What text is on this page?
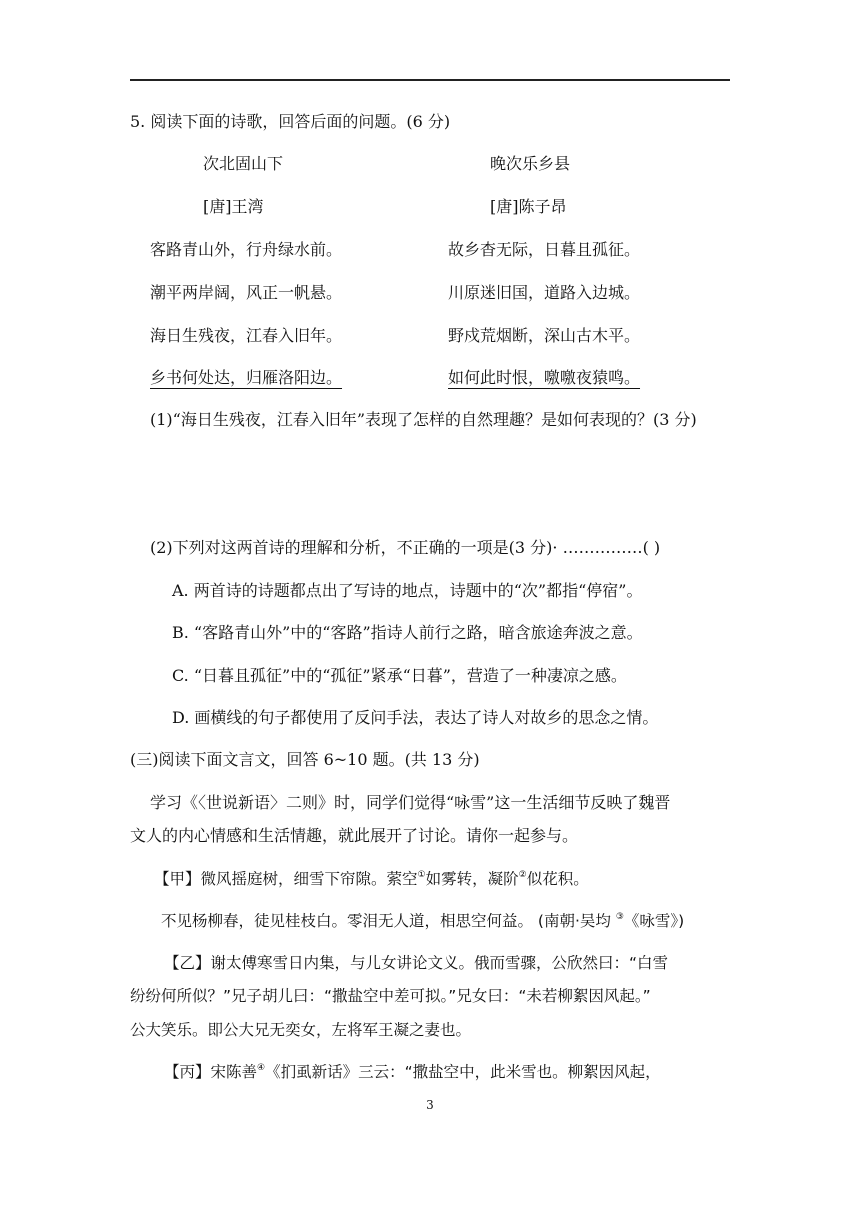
5. 阅读下面的诗歌，回答后面的问题。(6 分)
次北固山下	晚次乐乡县
[唐]王湾	[唐]陈子昂
客路青山外，行舟绿水前。	故乡杳无际，日暮且孤征。
潮平两岸阔，风正一帆悬。	川原迷旧国，道路入边城。
海日生残夜，江春入旧年。	野戍荒烟断，深山古木平。
乡书何处达，归雁洛阳边。	如何此时恨，噭噭夜猿鸣。
(1)“海日生残夜，江春入旧年”表现了怎样的自然理趣？是如何表现的？(3 分)
(2)下列对这两首诗的理解和分析，不正确的一项是(3 分)· ……………( )
A. 两首诗的诗题都点出了写诗的地点，诗题中的“次”都指“停宿”。
B. “客路青山外”中的“客路”指诗人前行之路，暗含旅途奔波之意。
C. “日暮且孤征”中的“孤征”紧承“日暮”，营造了一种凄凉之感。
D. 画横线的句子都使用了反问手法，表达了诗人对故乡的思念之情。
(三)阅读下面文言文，回答 6~10 题。(共 13 分)
学习《〈世说新语〉二则》时，同学们觉得“咏雪”这一生活细节反映了魏晋
文人的内心情感和生活情趣，就此展开了讨论。请你一起参与。
【甲】微风摇庭树，细雪下帘隙。萦空①如雾转，凝阶②似花积。
不见杨柳春，徒见桂枝白。零泪无人道，相思空何益。 (南朝·吴均 ③《咏雪》)
【乙】谢太傅寒雪日内集，与儿女讲论文义。俄而雪骤，公欣然曰：“白雪
纷纷何所似？”兄子胡儿曰：“撒盐空中差可拟。”兄女曰：“未若柳絮因风起。”
公大笑乐。即公大兄无奕女，左将军王凝之妻也。
【丙】宋陈善④《扪虱新话》三云：“撒盐空中，此米雪也。柳絮因风起，
3
